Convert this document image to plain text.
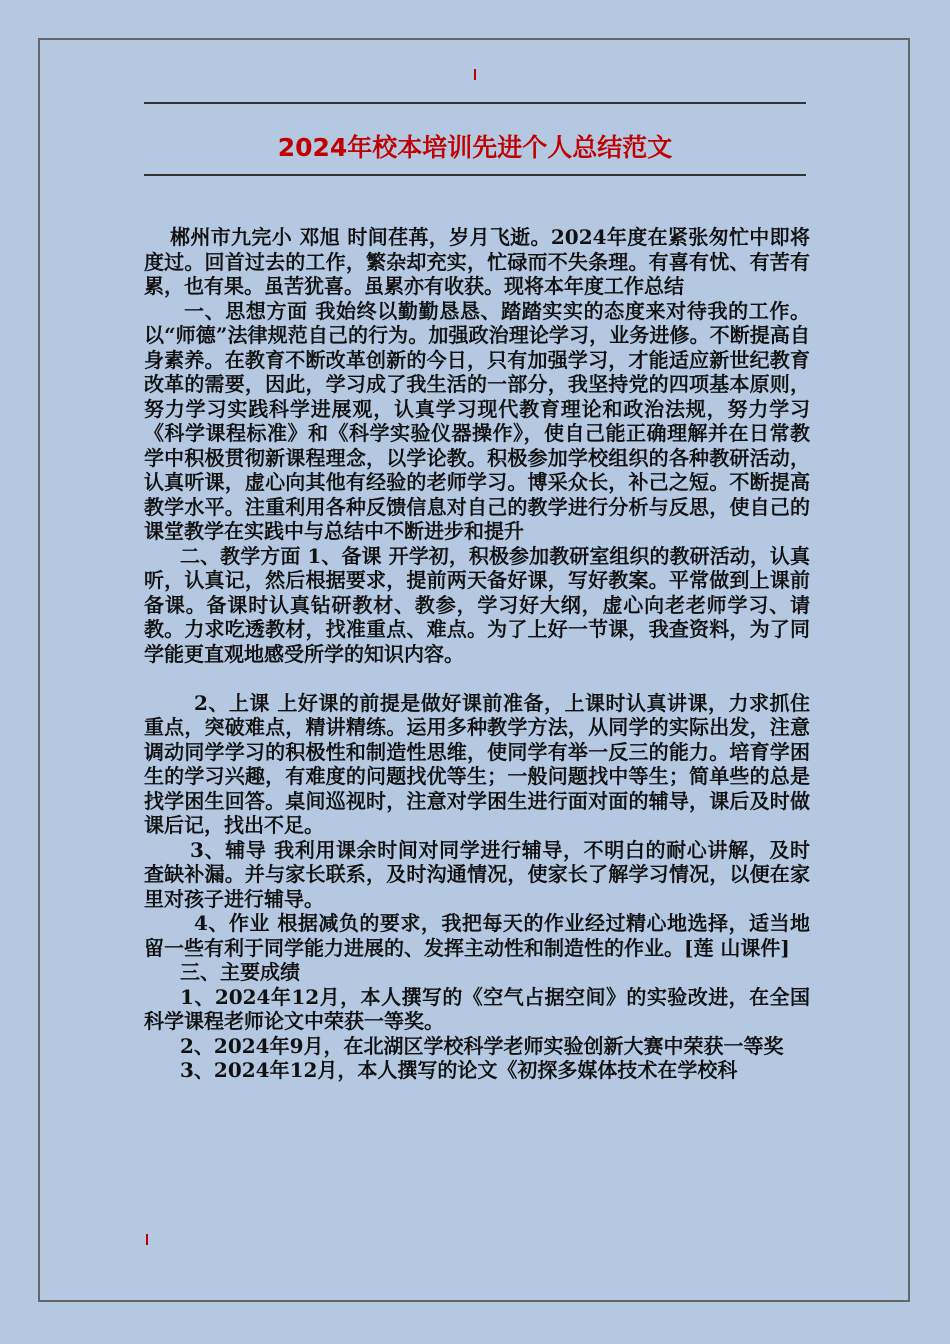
2024年校本培训先进个人总结范文

郴州市九完小 邓旭 时间荏苒，岁月飞逝。2024年度在紧张匆忙中即将度过。回首过去的工作，繁杂却充实，忙碌而不失条理。有喜有忧、有苦有累，也有果。虽苦犹喜。虽累亦有收获。现将本年度工作总结

一、思想方面 我始终以勤勤恳恳、踏踏实实的态度来对待我的工作。以“师德”法律规范自己的行为。加强政治理论学习，业务进修。不断提高自身素养。在教育不断改革创新的今日，只有加强学习，才能适应新世纪教育改革的需要，因此，学习成了我生活的一部分，我坚持党的四项基本原则，努力学习实践科学进展观，认真学习现代教育理论和政治法规，努力学习《科学课程标准》和《科学实验仪器操作》，使自己能正确理解并在日常教学中积极贯彻新课程理念，以学论教。积极参加学校组织的各种教研活动，认真听课，虚心向其他有经验的老师学习。博采众长，补己之短。不断提高教学水平。注重利用各种反馈信息对自己的教学进行分析与反思，使自己的课堂教学在实践中与总结中不断进步和提升

二、教学方面 1、备课 开学初，积极参加教研室组织的教研活动，认真听，认真记，然后根据要求，提前两天备好课，写好教案。平常做到上课前备课。备课时认真钻研教材、教参，学习好大纲，虚心向老老师学习、请教。力求吃透教材，找准重点、难点。为了上好一节课，我查资料，为了同学能更直观地感受所学的知识内容。

2、上课 上好课的前提是做好课前准备，上课时认真讲课，力求抓住重点，突破难点，精讲精练。运用多种教学方法，从同学的实际出发，注意调动同学学习的积极性和制造性思维，使同学有举一反三的能力。培育学困生的学习兴趣，有难度的问题找优等生；一般问题找中等生；简单些的总是找学困生回答。桌间巡视时，注意对学困生进行面对面的辅导，课后及时做课后记，找出不足。

3、辅导 我利用课余时间对同学进行辅导，不明白的耐心讲解，及时查缺补漏。并与家长联系，及时沟通情况，使家长了解学习情况，以便在家里对孩子进行辅导。

4、作业 根据减负的要求，我把每天的作业经过精心地选择，适当地留一些有利于同学能力进展的、发挥主动性和制造性的作业。[莲 山课件]

三、主要成绩

1、2024年12月，本人撰写的《空气占据空间》的实验改进，在全国科学课程老师论文中荣获一等奖。

2、2024年9月，在北湖区学校科学老师实验创新大赛中荣获一等奖

3、2024年12月，本人撰写的论文《初探多媒体技术在学校科
